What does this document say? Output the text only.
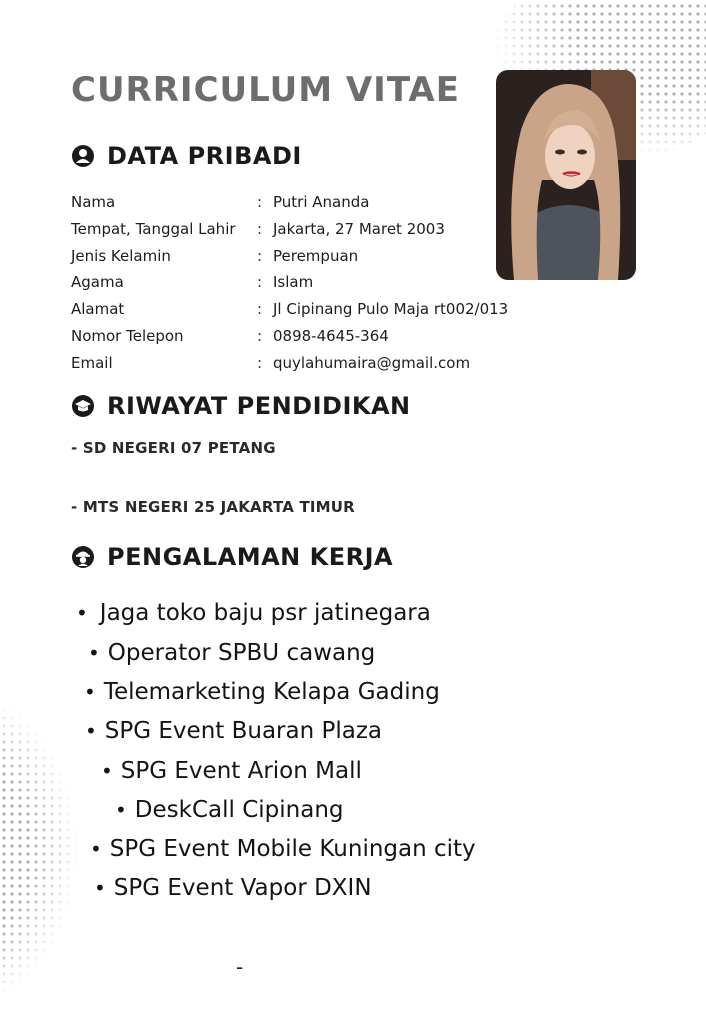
CURRICULUM VITAE
DATA PRIBADI
Nama	: Putri Ananda
Tempat, Tanggal Lahir	: Jakarta, 27 Maret 2003
Jenis Kelamin	: Perempuan
Agama	: Islam
Alamat	: Jl Cipinang Pulo Maja rt002/013
Nomor Telepon	: 0898-4645-364
Email	: quylahumaira@gmail.com
RIWAYAT PENDIDIKAN

- SD NEGERI 07 PETANG

- MTS NEGERI 25 JAKARTA TIMUR

PENGALAMAN KERJA

• Jaga toko baju psr jatinegara

• Operator SPBU cawang

• Telemarketing Kelapa Gading

• SPG Event Buaran Plaza

• SPG Event Arion Mall

• DeskCall Cipinang

• SPG Event Mobile Kuningan city

• SPG Event Vapor DXIN

-
